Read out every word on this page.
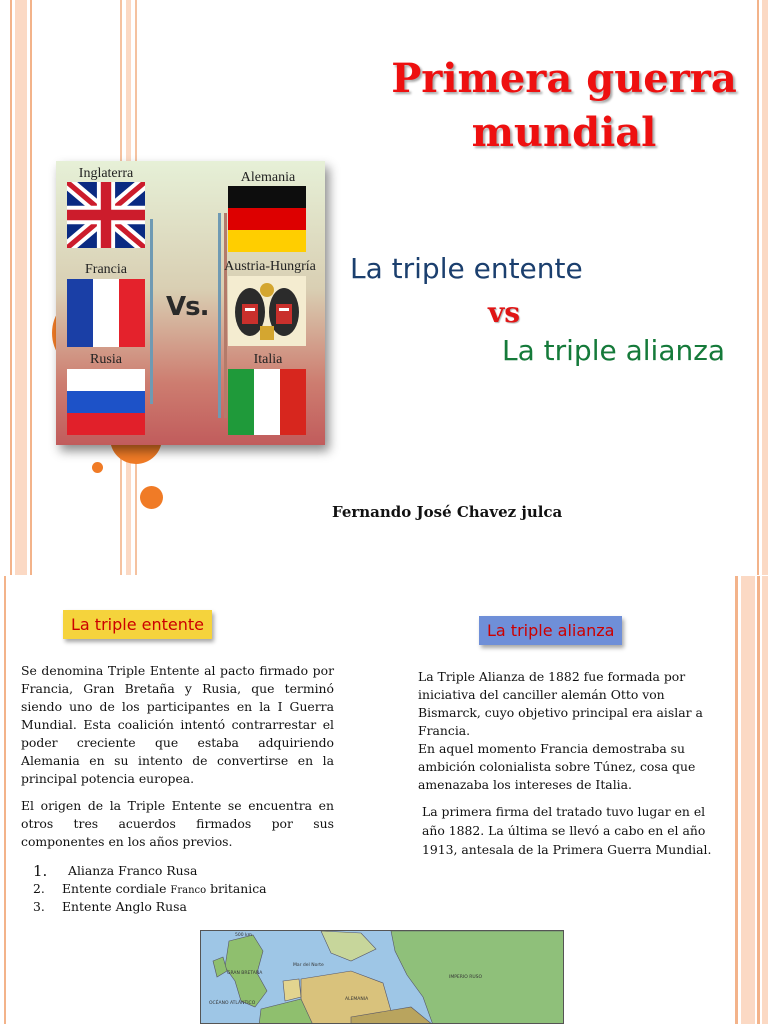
Primera guerra mundial
Inglaterra
Francia
Rusia
Vs.
Alemania
Austria-Hungría
Italia
La triple entente
vs
La triple alianza
Fernando José Chavez julca
La triple entente	La triple alianza

Se denomina Triple Entente al pacto firmado por Francia, Gran Bretaña y Rusia, que terminó siendo uno de los participantes en la I Guerra Mundial. Esta coalición intentó contrarrestar el poder creciente que estaba adquiriendo Alemania en su intento de convertirse en la principal potencia europea.

El origen de la Triple Entente se encuentra en otros tres acuerdos firmados por sus componentes en los años previos.

1. Alianza Franco Rusa
2. Entente cordiale Franco britanica
3. Entente Anglo Rusa

La Triple Alianza de 1882 fue formada por iniciativa del canciller alemán Otto von Bismarck, cuyo objetivo principal era aislar a Francia.

En aquel momento Francia demostraba su ambición colonialista sobre Túnez, cosa que amenazaba los intereses de Italia.

La primera firma del tratado tuvo lugar en el año 1882. La última se llevó a cabo en el año 1913, antesala de la Primera Guerra Mundial.

500 km
GRAN BRETAÑA
Mar del Norte
IMPERIO RUSO
ALEMANIA
OCÉANO ATLÁNTICO
